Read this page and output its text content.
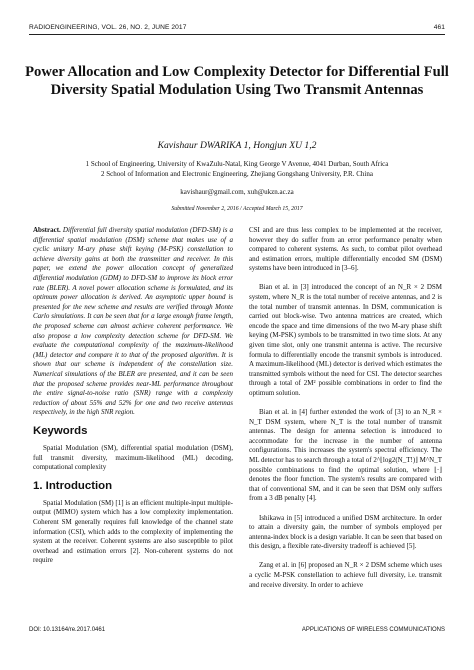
RADIOENGINEERING, VOL. 26, NO. 2, JUNE 2017	461
Power Allocation and Low Complexity Detector for Differential Full Diversity Spatial Modulation Using Two Transmit Antennas
Kavishaur DWARIKA 1, Hongjun XU 1,2
1 School of Engineering, University of KwaZulu-Natal, King George V Avenue, 4041 Durban, South Africa
2 School of Information and Electronic Engineering, Zhejiang Gongshang University, P.R. China
kavishaur@gmail.com, xuh@ukzn.ac.za
Submitted November 2, 2016 / Accepted March 15, 2017

Abstract. Differential full diversity spatial modulation (DFD-SM) is a differential spatial modulation (DSM) scheme that makes use of a cyclic unitary M-ary phase shift keying (M-PSK) constellation to achieve diversity gains at both the transmitter and receiver. In this paper, we extend the power allocation concept of generalized differential modulation (GDM) to DFD-SM to improve its block error rate (BLER). A novel power allocation scheme is formulated, and its optimum power allocation is derived. An asymptotic upper bound is presented for the new scheme and results are verified through Monte Carlo simulations. It can be seen that for a large enough frame length, the proposed scheme can almost achieve coherent performance. We also propose a low complexity detection scheme for DFD-SM. We evaluate the computational complexity of the maximum-likelihood (ML) detector and compare it to that of the proposed algorithm. It is shown that our scheme is independent of the constellation size. Numerical simulations of the BLER are presented, and it can be seen that the proposed scheme provides near-ML performance throughout the entire signal-to-noise ratio (SNR) range with a complexity reduction of about 55% and 52% for one and two receive antennas respectively, in the high SNR region.

Keywords

Spatial Modulation (SM), differential spatial modulation (DSM), full transmit diversity, maximum-likelihood (ML) decoding, computational complexity

1. Introduction

Spatial Modulation (SM) [1] is an efficient multiple-input multiple-output (MIMO) system which has a low complexity implementation. Coherent SM generally requires full knowledge of the channel state information (CSI), which adds to the complexity of implementing the system at the receiver. Coherent systems are also susceptible to pilot overhead and estimation errors [2]. Non-coherent systems do not require

CSI and are thus less complex to be implemented at the receiver, however they do suffer from an error performance penalty when compared to coherent systems. As such, to combat pilot overhead and estimation errors, multiple differentially encoded SM (DSM) systems have been introduced in [3–6].

Bian et al. in [3] introduced the concept of an N_R × 2 DSM system, where N_R is the total number of receive antennas, and 2 is the total number of transmit antennas. In DSM, communication is carried out block-wise. Two antenna matrices are created, which encode the space and time dimensions of the two M-ary phase shift keying (M-PSK) symbols to be transmitted in two time slots. At any given time slot, only one transmit antenna is active. The recursive formula to differentially encode the transmit symbols is introduced. A maximum-likelihood (ML) detector is derived which estimates the transmitted symbols without the need for CSI. The detector searches through a total of 2M² possible combinations in order to find the optimum solution.

Bian et al. in [4] further extended the work of [3] to an N_R × N_T DSM system, where N_T is the total number of transmit antennas. The design for antenna selection is introduced to accommodate for the increase in the number of antenna configurations. This increases the system's spectral efficiency. The ML detector has to search through a total of 2^⌊log2(N_T!)⌋ M^N_T possible combinations to find the optimal solution, where ⌊·⌋ denotes the floor function. The system's results are compared with that of conventional SM, and it can be seen that DSM only suffers from a 3 dB penalty [4].

Ishikawa in [5] introduced a unified DSM architecture. In order to attain a diversity gain, the number of symbols employed per antenna-index block is a design variable. It can be seen that based on this design, a flexible rate-diversity tradeoff is achieved [5].

Zang et al. in [6] proposed an N_R × 2 DSM scheme which uses a cyclic M-PSK constellation to achieve full diversity, i.e. transmit and receive diversity. In order to achieve

DOI: 10.13164/re.2017.0461	APPLICATIONS OF WIRELESS COMMUNICATIONS
